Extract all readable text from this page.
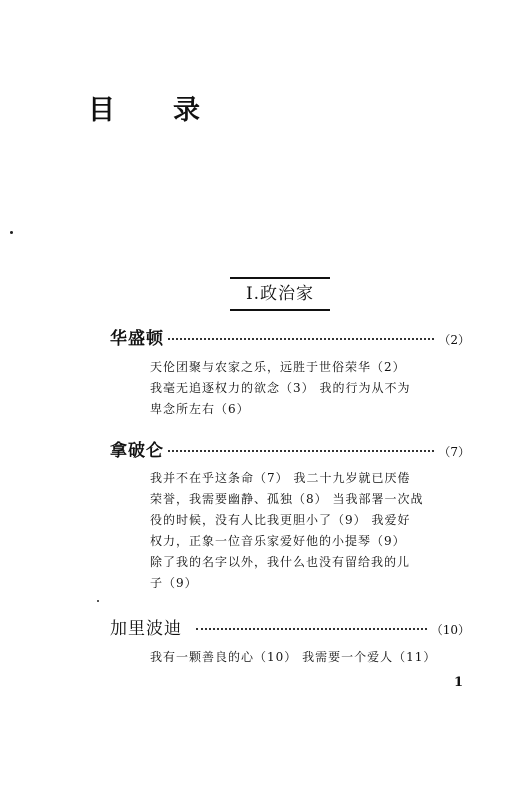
目 录
I.政治家
华盛顿	（2）

天伦团聚与农家之乐，远胜于世俗荣华（2）

我毫无追逐权力的欲念（3） 我的行为从不为

卑念所左右（6）

拿破仑	（7）

我并不在乎这条命（7） 我二十九岁就已厌倦

荣誉，我需要幽静、孤独（8） 当我部署一次战

役的时候，没有人比我更胆小了（9） 我爱好

权力，正象一位音乐家爱好他的小提琴（9）

除了我的名字以外，我什么也没有留给我的儿

子（9）

加里波迪	（10）

我有一颗善良的心（10） 我需要一个爱人（11）

1
